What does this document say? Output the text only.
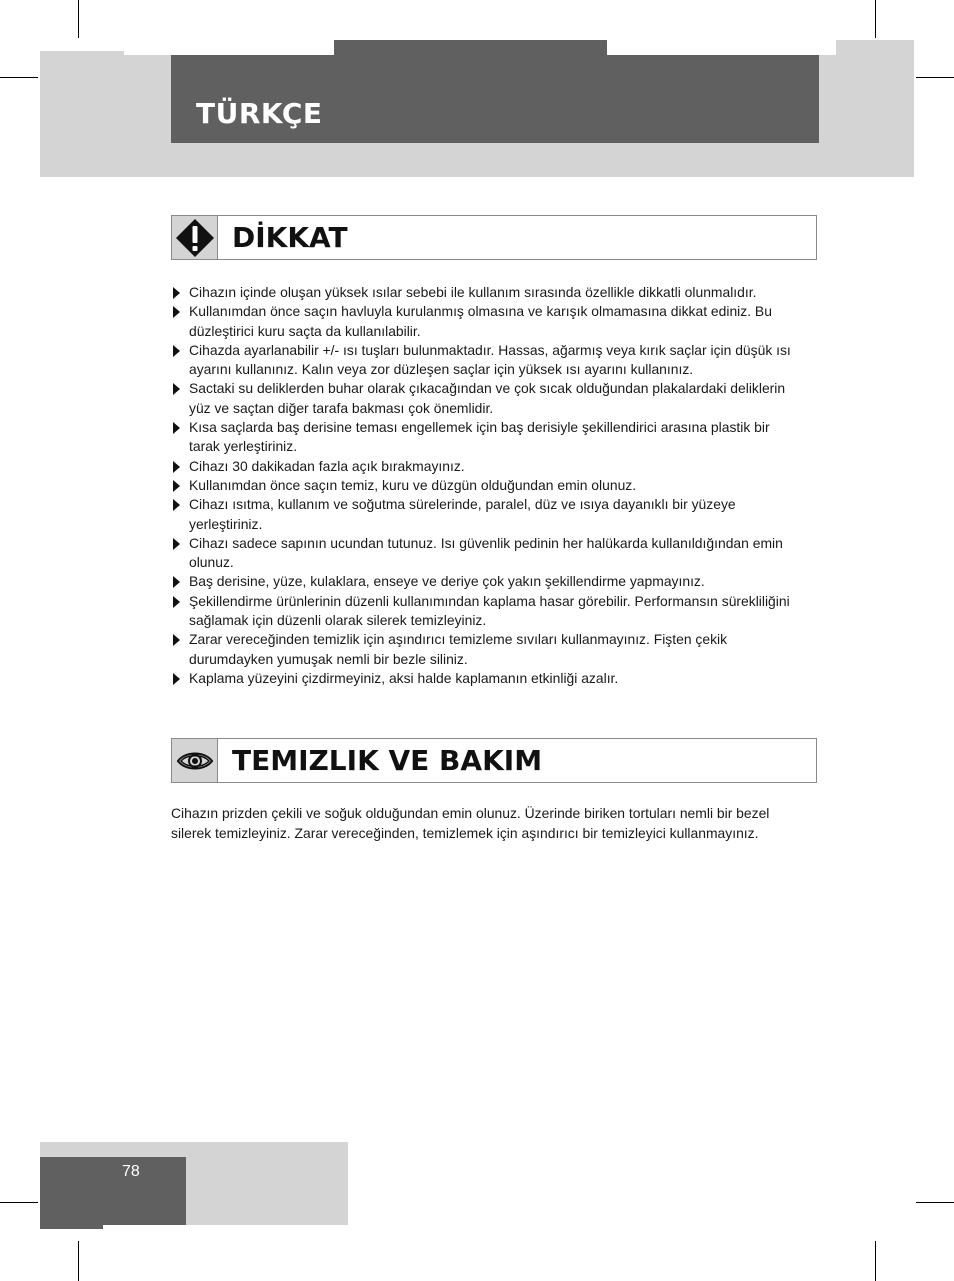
TÜRKÇE
DİKKAT
Cihazın içinde oluşan yüksek ısılar sebebi ile kullanım sırasında özellikle dikkatli olunmalıdır.
Kullanımdan önce saçın havluyla kurulanmış olmasına ve karışık olmamasına dikkat ediniz. Bu düzleştirici kuru saçta da kullanılabilir.
Cihazda ayarlanabilir +/- ısı tuşları bulunmaktadır. Hassas, ağarmış veya kırık saçlar için düşük ısı ayarını kullanınız. Kalın veya zor düzleşen saçlar için yüksek ısı ayarını kullanınız.
Sactaki su deliklerden buhar olarak çıkacağından ve çok sıcak olduğundan plakalardaki deliklerin yüz ve saçtan diğer tarafa bakması çok önemlidir.
Kısa saçlarda baş derisine teması engellemek için baş derisiyle şekillendirici arasına plastik bir tarak yerleştiriniz.
Cihazı 30 dakikadan fazla açık bırakmayınız.
Kullanımdan önce saçın temiz, kuru ve düzgün olduğundan emin olunuz.
Cihazı ısıtma, kullanım ve soğutma sürelerinde, paralel, düz ve ısıya dayanıklı bir yüzeye yerleştiriniz.
Cihazı sadece sapının ucundan tutunuz. Isı güvenlik pedinin her halükarda kullanıldığından emin olunuz.
Baş derisine, yüze, kulaklara, enseye ve deriye çok yakın şekillendirme yapmayınız.
Şekillendirme ürünlerinin düzenli kullanımından kaplama hasar görebilir. Performansın sürekliliğini sağlamak için düzenli olarak silerek temizleyiniz.
Zarar vereceğinden temizlik için aşındırıcı temizleme sıvıları kullanmayınız. Fişten çekik durumdayken yumuşak nemli bir bezle siliniz.
Kaplama yüzeyini çizdirmeyiniz, aksi halde kaplamanın etkinliği azalır.
TEMIZLIK VE BAKIM

Cihazın prizden çekili ve soğuk olduğundan emin olunuz. Üzerinde biriken tortuları nemli bir bezel silerek temizleyiniz. Zarar vereceğinden, temizlemek için aşındırıcı bir temizleyici kullanmayınız.

78
